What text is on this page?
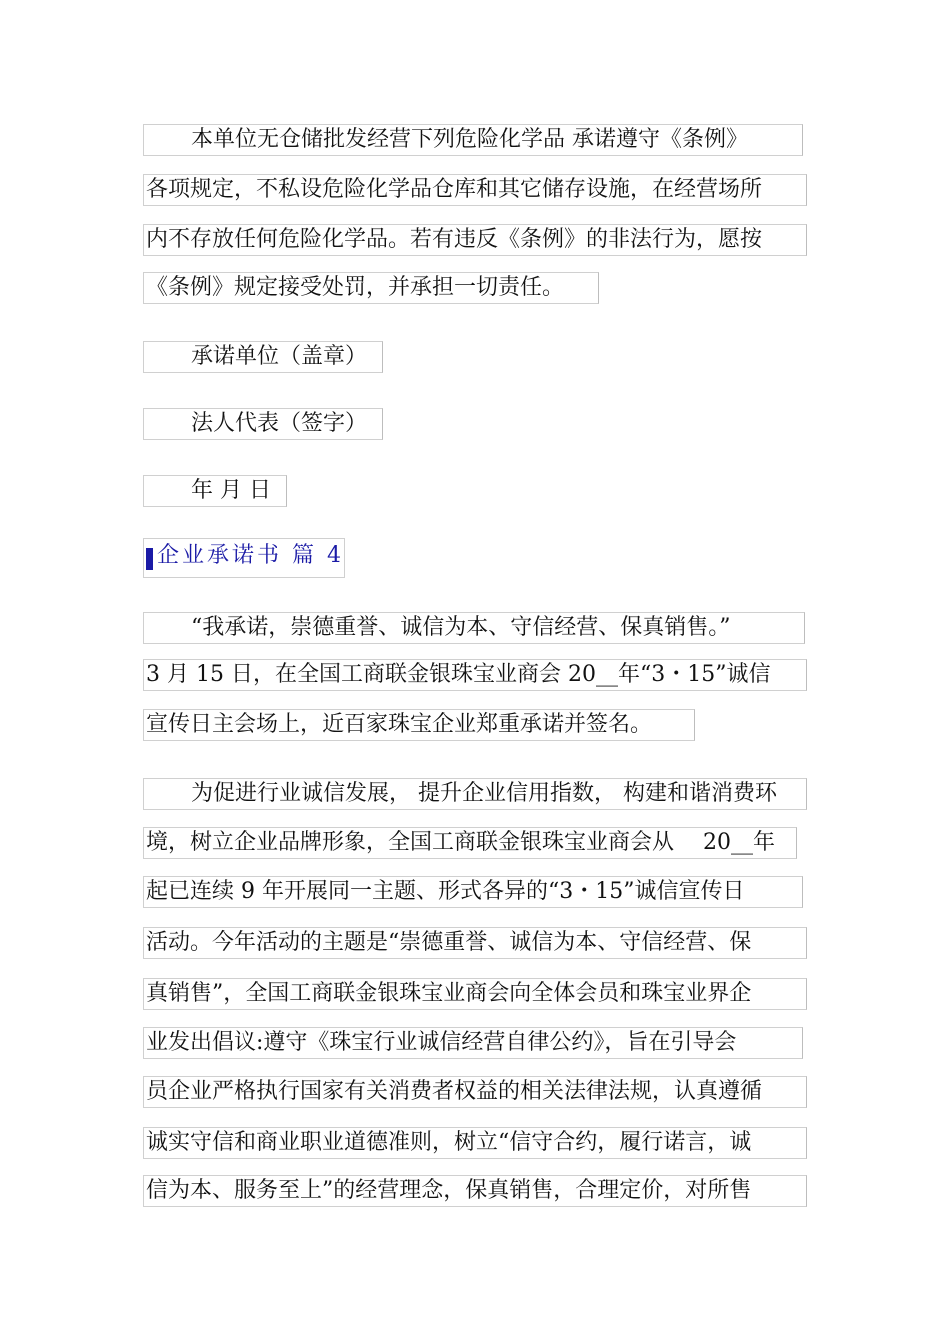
本单位无仓储批发经营下列危险化学品 承诺遵守《条例》
各项规定，不私设危险化学品仓库和其它储存设施，在经营场所
内不存放任何危险化学品。若有违反《条例》的非法行为，愿按
《条例》规定接受处罚，并承担一切责任。
承诺单位（盖章）
法人代表（签字）
年 月 日
企业承诺书 篇 4
“我承诺，崇德重誉、诚信为本、守信经营、保真销售。”
3 月 15 日，在全国工商联金银珠宝业商会 20__年“3・15”诚信
宣传日主会场上，近百家珠宝企业郑重承诺并签名。
为促进行业诚信发展， 提升企业信用指数， 构建和谐消费环
境，树立企业品牌形象，全国工商联金银珠宝业商会从　 20__年
起已连续 9 年开展同一主题、形式各异的“3・15”诚信宣传日
活动。今年活动的主题是“崇德重誉、诚信为本、守信经营、保
真销售”，全国工商联金银珠宝业商会向全体会员和珠宝业界企
业发出倡议:遵守《珠宝行业诚信经营自律公约》，旨在引导会
员企业严格执行国家有关消费者权益的相关法律法规，认真遵循
诚实守信和商业职业道德准则，树立“信守合约，履行诺言，诚
信为本、服务至上”的经营理念，保真销售，合理定价，对所售
